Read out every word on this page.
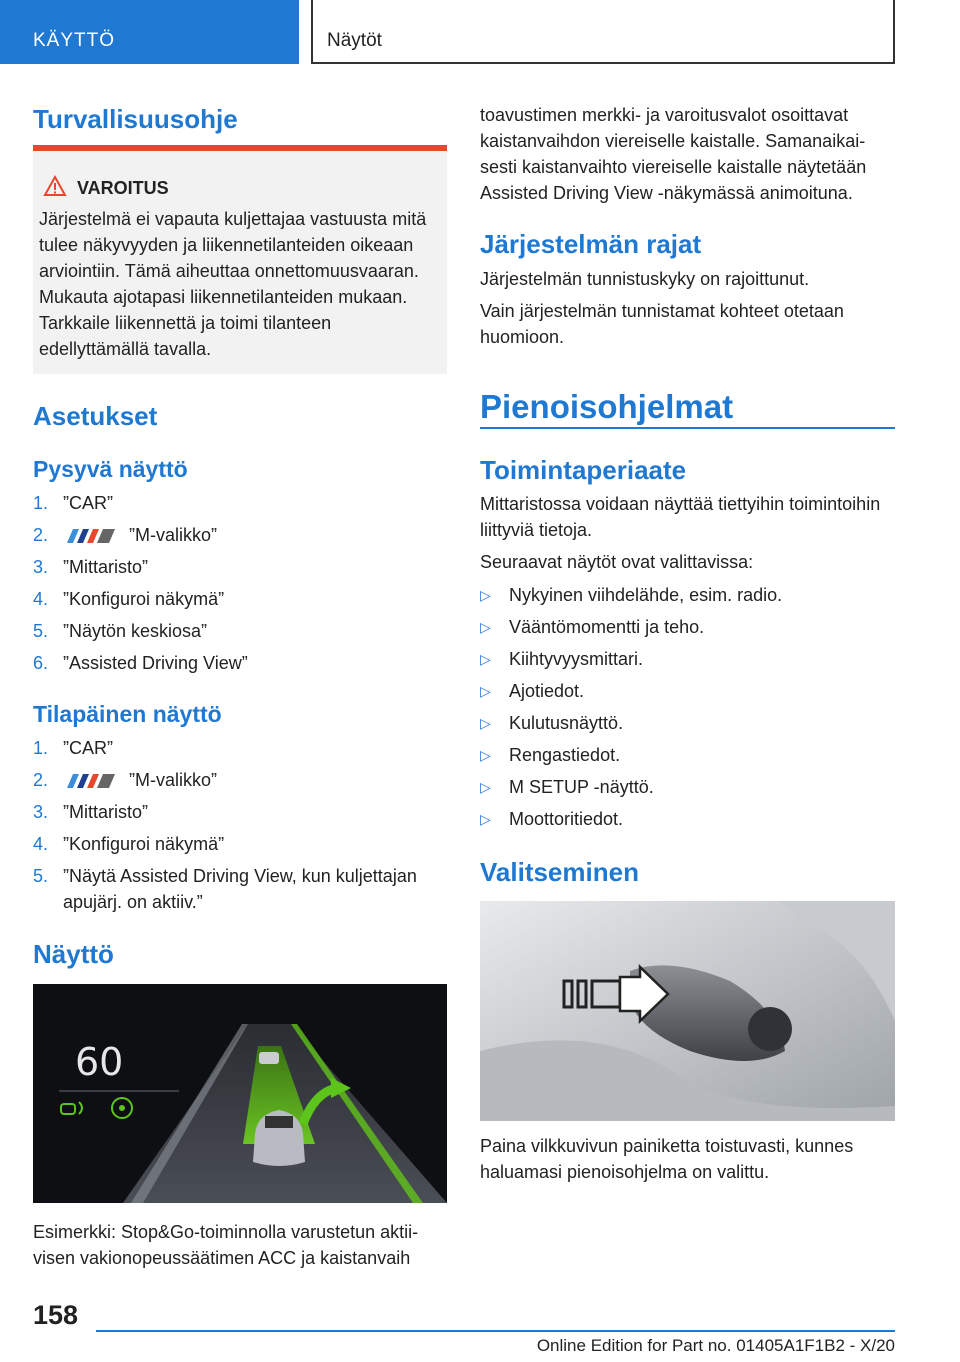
KÄYTTÖ	Näytöt
Turvallisuusohje
VAROITUS

Järjestelmä ei vapauta kuljettajaa vastuusta mitä tulee näkyvyyden ja liikennetilanteiden oikeaan arviointiin. Tämä aiheuttaa onnettomuusvaaran. Mukauta ajotapasi liikennetilanteiden mukaan. Tarkkaile liikennettä ja toimi tilanteen edellyttämällä tavalla.

Asetukset
Pysyvä näyttö
1. ”CAR”
2.	”M-valikko”
3. ”Mittaristo”
4. ”Konfiguroi näkymä”
5. ”Näytön keskiosa”
6. ”Assisted Driving View”
Tilapäinen näyttö
1. ”CAR”
2.	”M-valikko”
3. ”Mittaristo”
4. ”Konfiguroi näkymä”
5. ”Näytä Assisted Driving View, kun kuljettajan apujärj. on aktiiv.”
Näyttö
60

Esimerkki: Stop&Go-toiminnolla varustetun aktiivisen vakionopeussäätimen ACC ja kaistanvaih

toavustimen merkki- ja varoitusvalot osoittavat kaistanvaihdon viereiselle kaistalle. Samanaikaisesti kaistanvaihto viereiselle kaistalle näytetään Assisted Driving View -näkymässä animoituna.

Järjestelmän rajat

Järjestelmän tunnistuskyky on rajoittunut.

Vain järjestelmän tunnistamat kohteet otetaan huomioon.

Pienoisohjelmat
Toimintaperiaate

Mittaristossa voidaan näyttää tiettyihin toimintoihin liittyviä tietoja.

Seuraavat näytöt ovat valittavissa:

▷ Nykyinen viihdelähde, esim. radio.
▷ Vääntömomentti ja teho.
▷ Kiihtyvyysmittari.
▷ Ajotiedot.
▷ Kulutusnäyttö.
▷ Rengastiedot.
▷ M SETUP -näyttö.
▷ Moottoritiedot.
Valitseminen

Paina vilkkuvivun painiketta toistuvasti, kunnes haluamasi pienoisohjelma on valittu.

158
Online Edition for Part no. 01405A1F1B2 - X/20
